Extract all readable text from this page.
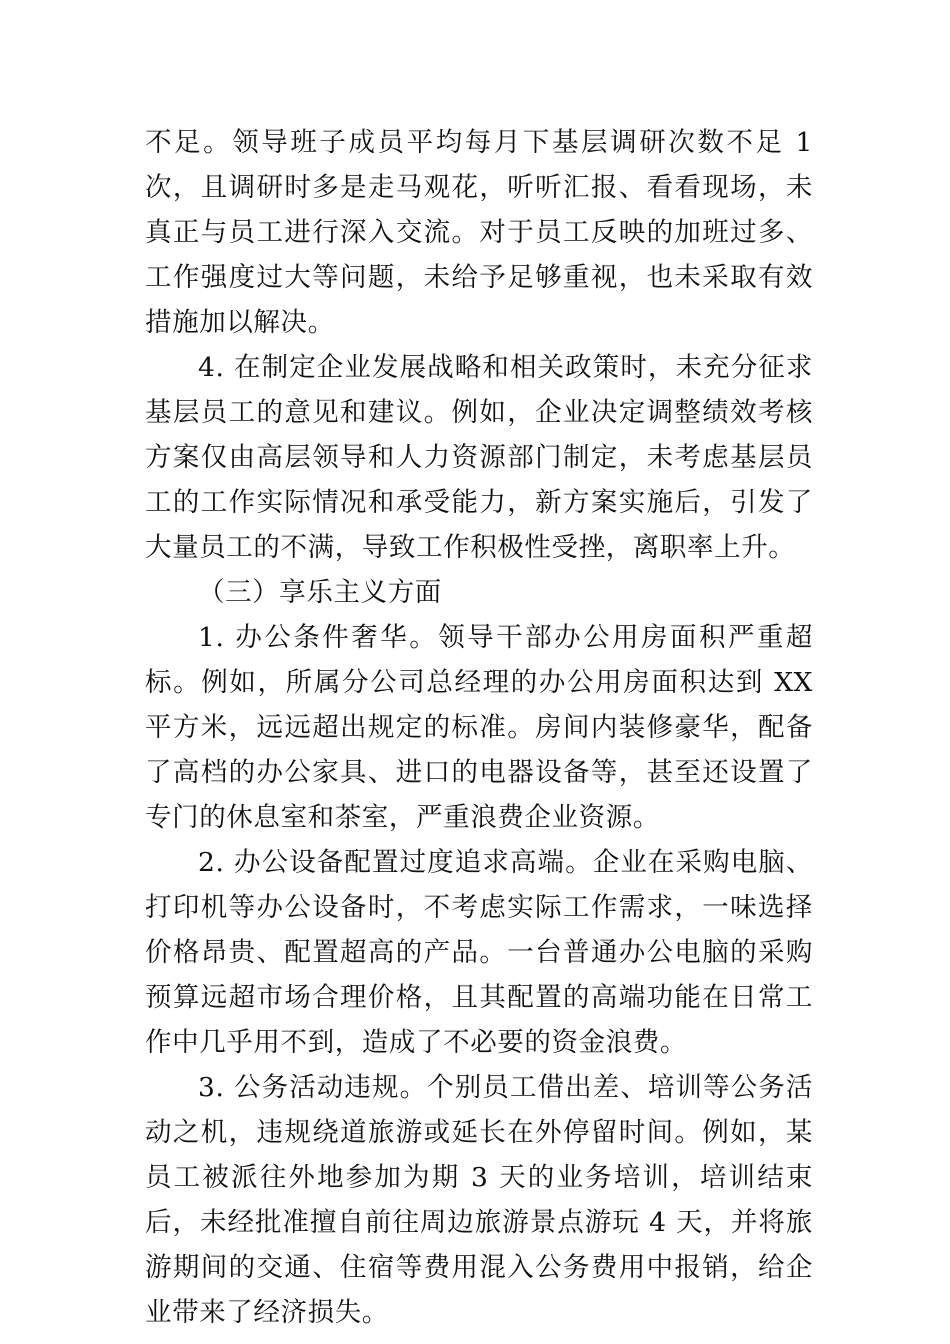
不足。领导班子成员平均每月下基层调研次数不足 1 次，且调研时多是走马观花，听听汇报、看看现场，未真正与员工进行深入交流。对于员工反映的加班过多、工作强度过大等问题，未给予足够重视，也未采取有效措施加以解决。

4. 在制定企业发展战略和相关政策时，未充分征求基层员工的意见和建议。例如，企业决定调整绩效考核方案仅由高层领导和人力资源部门制定，未考虑基层员工的工作实际情况和承受能力，新方案实施后，引发了大量员工的不满，导致工作积极性受挫，离职率上升。

（三）享乐主义方面

1. 办公条件奢华。领导干部办公用房面积严重超标。例如，所属分公司总经理的办公用房面积达到 XX 平方米，远远超出规定的标准。房间内装修豪华，配备了高档的办公家具、进口的电器设备等，甚至还设置了专门的休息室和茶室，严重浪费企业资源。

2. 办公设备配置过度追求高端。企业在采购电脑、打印机等办公设备时，不考虑实际工作需求，一味选择价格昂贵、配置超高的产品。一台普通办公电脑的采购预算远超市场合理价格，且其配置的高端功能在日常工作中几乎用不到，造成了不必要的资金浪费。

3. 公务活动违规。个别员工借出差、培训等公务活动之机，违规绕道旅游或延长在外停留时间。例如，某员工被派往外地参加为期 3 天的业务培训，培训结束后，未经批准擅自前往周边旅游景点游玩 4 天，并将旅游期间的交通、住宿等费用混入公务费用中报销，给企业带来了经济损失。
